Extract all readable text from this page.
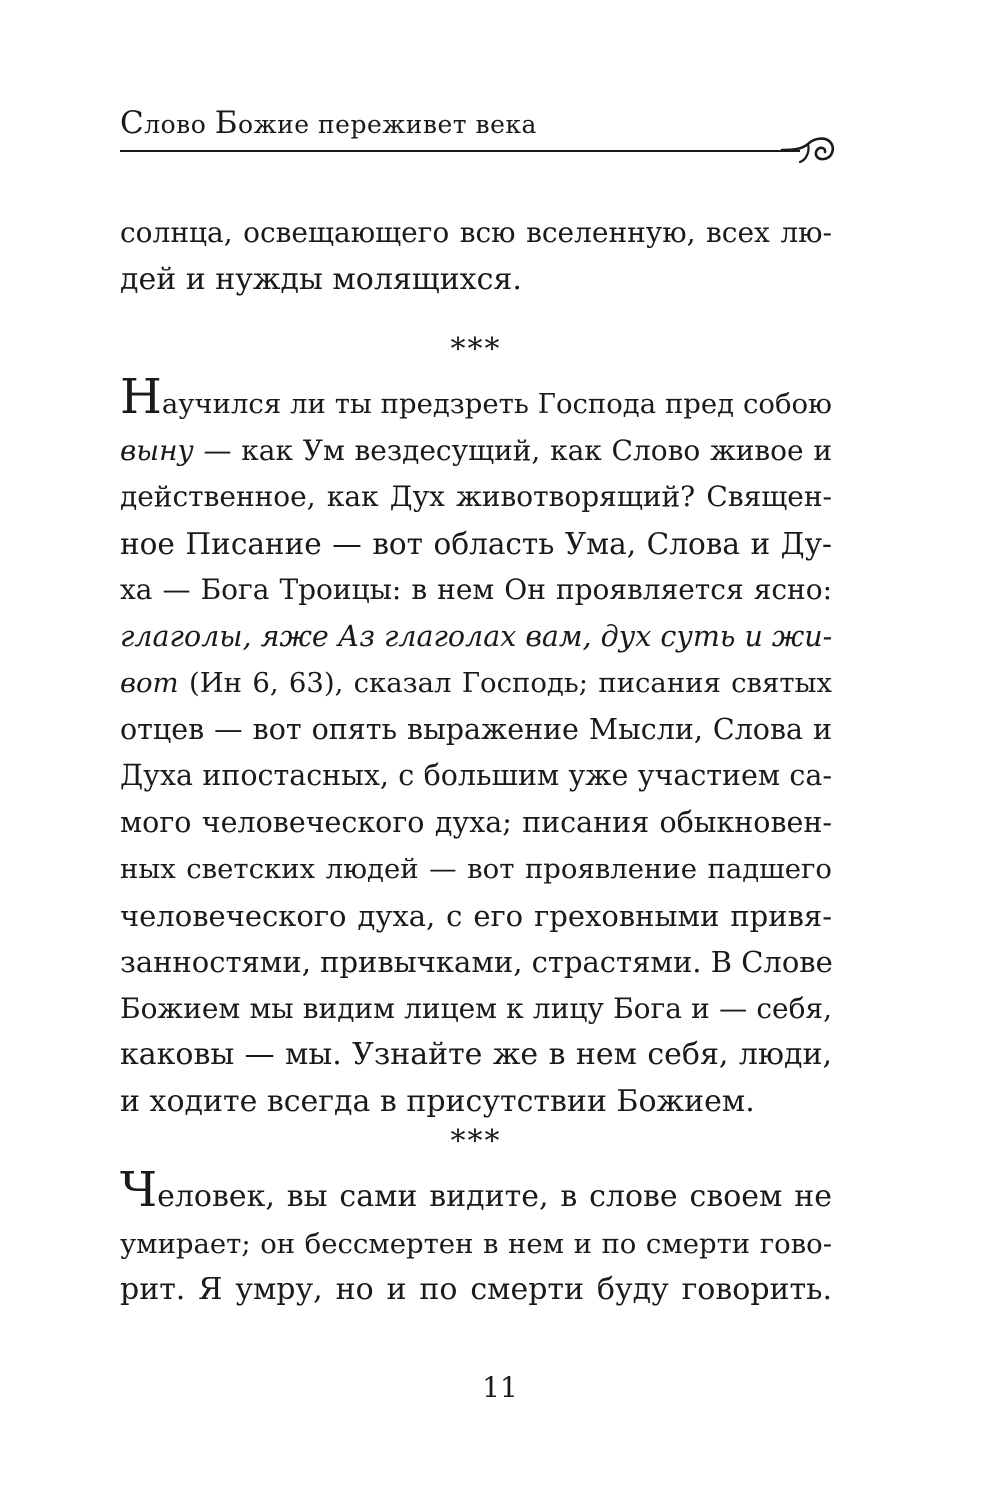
Слово Божие переживет века
солнца, освещающего всю вселенную, всех лю-
дей и нужды молящихся.
***
Научился ли ты предзреть Господа пред собою
выну — как Ум вездесущий, как Слово живое и
действенное, как Дух животворящий? Священ-
ное Писание — вот область Ума, Слова и Ду-
ха — Бога Троицы: в нем Он проявляется ясно:
глаголы, яже Аз глаголах вам, дух суть и жи-
вот (Ин 6, 63), сказал Господь; писания святых
отцев — вот опять выражение Мысли, Слова и
Духа ипостасных, с большим уже участием са-
мого человеческого духа; писания обыкновен-
ных светских людей — вот проявление падшего
человеческого духа, с его греховными привя-
занностями, привычками, страстями. В Слове
Божием мы видим лицем к лицу Бога и — себя,
каковы — мы. Узнайте же в нем себя, люди,
и ходите всегда в присутствии Божием.
***
Человек, вы сами видите, в слове своем не
умирает; он бессмертен в нем и по смерти гово-
рит. Я умру, но и по смерти буду говорить.
11
